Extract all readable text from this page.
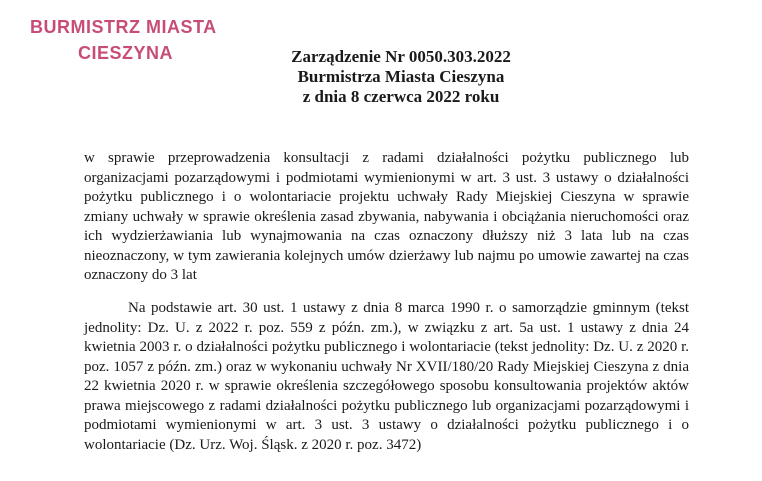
BURMISTRZ MIASTA
CIESZYNA	Zarządzenie Nr 0050.303.2022
Burmistrza Miasta Cieszyna
z dnia 8 czerwca 2022 roku
w sprawie przeprowadzenia konsultacji z radami działalności pożytku publicznego lub organizacjami pozarządowymi i podmiotami wymienionymi w art. 3 ust. 3 ustawy o działalności pożytku publicznego i o wolontariacie projektu uchwały Rady Miejskiej Cieszyna w sprawie zmiany uchwały w sprawie określenia zasad zbywania, nabywania i obciążania nieruchomości oraz ich wydzierżawiania lub wynajmowania na czas oznaczony dłuższy niż 3 lata lub na czas nieoznaczony, w tym zawierania kolejnych umów dzierżawy lub najmu po umowie zawartej na czas oznaczony do 3 lat
Na podstawie art. 30 ust. 1 ustawy z dnia 8 marca 1990 r. o samorządzie gminnym (tekst jednolity: Dz. U. z 2022 r. poz. 559 z późn. zm.), w związku z art. 5a ust. 1 ustawy z dnia 24 kwietnia 2003 r. o działalności pożytku publicznego i wolontariacie (tekst jednolity: Dz. U. z 2020 r. poz. 1057 z późn. zm.) oraz w wykonaniu uchwały Nr XVII/180/20 Rady Miejskiej Cieszyna z dnia 22 kwietnia 2020 r. w sprawie określenia szczegółowego sposobu konsultowania projektów aktów prawa miejscowego z radami działalności pożytku publicznego lub organizacjami pozarządowymi i podmiotami wymienionymi w art. 3 ust. 3 ustawy o działalności pożytku publicznego i o wolontariacie (Dz. Urz. Woj. Śląsk. z 2020 r. poz. 3472)
